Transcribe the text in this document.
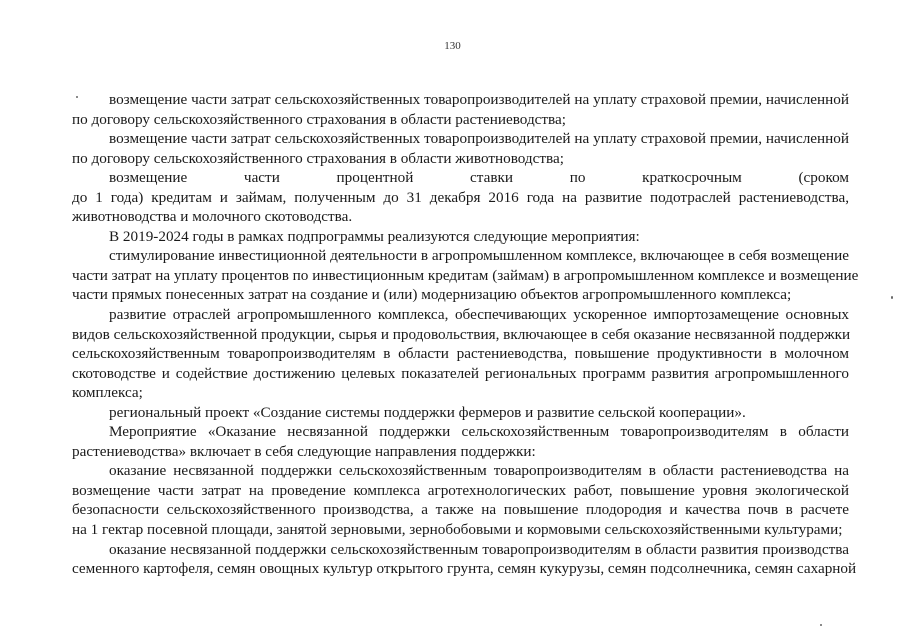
130
возмещение части затрат сельскохозяйственных товаропроизводителей на уплату страховой премии, начисленной
по договору сельскохозяйственного страхования в области растениеводства;
возмещение части затрат сельскохозяйственных товаропроизводителей на уплату страховой премии, начисленной
по договору сельскохозяйственного страхования в области животноводства;
возмещение части процентной ставки по краткосрочным (сроком
до 1 года) кредитам и займам, полученным до 31 декабря 2016 года на развитие подотраслей растениеводства,
животноводства и молочного скотоводства.
В 2019-2024 годы в рамках подпрограммы реализуются следующие мероприятия:
стимулирование инвестиционной деятельности в агропромышленном комплексе, включающее в себя возмещение
части затрат на уплату процентов по инвестиционным кредитам (займам) в агропромышленном комплексе и возмещение
части прямых понесенных затрат на создание и (или) модернизацию объектов агропромышленного комплекса;
развитие отраслей агропромышленного комплекса, обеспечивающих ускоренное импортозамещение основных
видов сельскохозяйственной продукции, сырья и продовольствия, включающее в себя оказание несвязанной поддержки
сельскохозяйственным товаропроизводителям в области растениеводства, повышение продуктивности в молочном
скотоводстве и содействие достижению целевых показателей региональных программ развития агропромышленного
комплекса;
региональный проект «Создание системы поддержки фермеров и развитие сельской кооперации».
Мероприятие «Оказание несвязанной поддержки сельскохозяйственным товаропроизводителям в области
растениеводства» включает в себя следующие направления поддержки:
оказание несвязанной поддержки сельскохозяйственным товаропроизводителям в области растениеводства на
возмещение части затрат на проведение комплекса агротехнологических работ, повышение уровня экологической
безопасности сельскохозяйственного производства, а также на повышение плодородия и качества почв в расчете
на 1 гектар посевной площади, занятой зерновыми, зернобобовыми и кормовыми сельскохозяйственными культурами;
оказание несвязанной поддержки сельскохозяйственным товаропроизводителям в области развития производства
семенного картофеля, семян овощных культур открытого грунта, семян кукурузы, семян подсолнечника, семян сахарной
